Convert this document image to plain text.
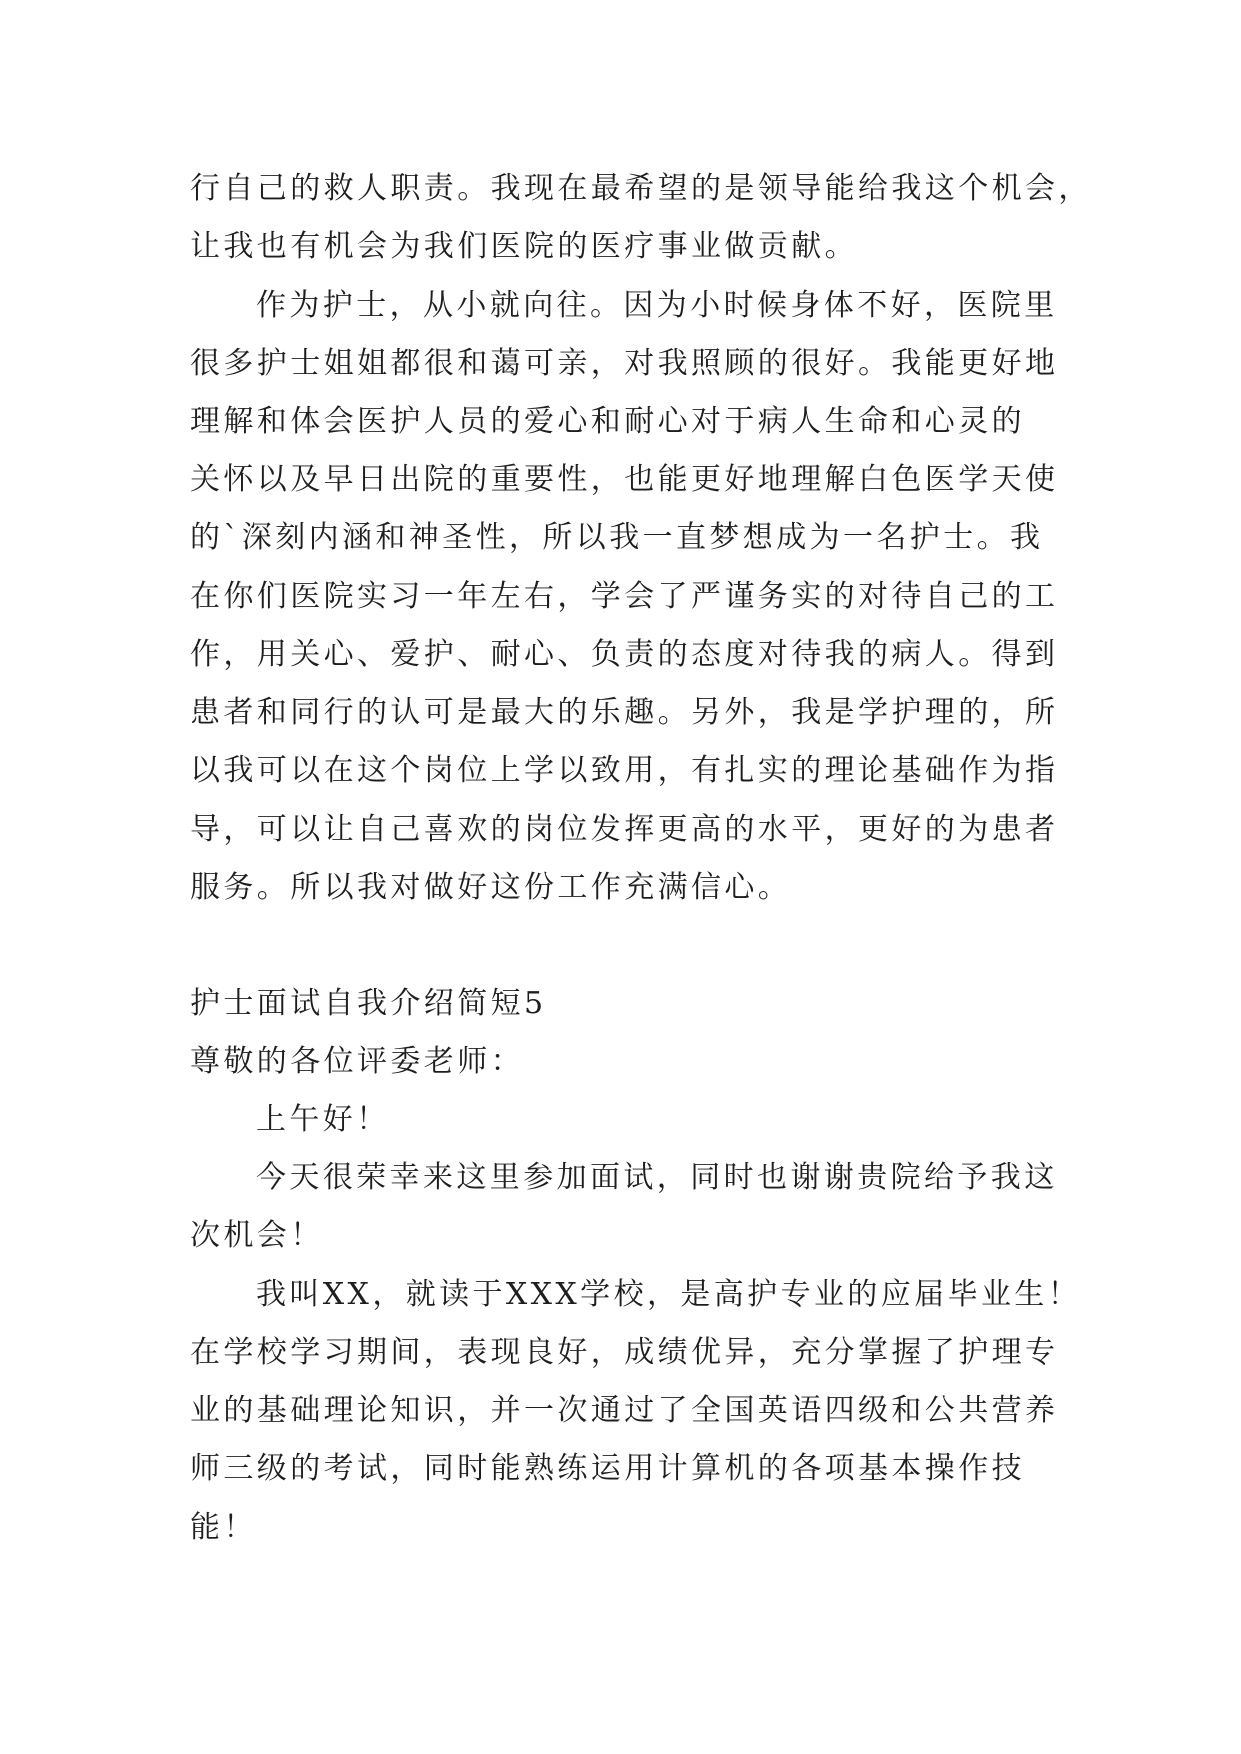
行自己的救人职责。我现在最希望的是领导能给我这个机会，

让我也有机会为我们医院的医疗事业做贡献。

作为护士，从小就向往。因为小时候身体不好，医院里

很多护士姐姐都很和蔼可亲，对我照顾的很好。我能更好地

理解和体会医护人员的爱心和耐心对于病人生命和心灵的

关怀以及早日出院的重要性，也能更好地理解白色医学天使

的`深刻内涵和神圣性，所以我一直梦想成为一名护士。我

在你们医院实习一年左右，学会了严谨务实的对待自己的工

作，用关心、爱护、耐心、负责的态度对待我的病人。得到

患者和同行的认可是最大的乐趣。另外，我是学护理的，所

以我可以在这个岗位上学以致用，有扎实的理论基础作为指

导，可以让自己喜欢的岗位发挥更高的水平，更好的为患者

服务。所以我对做好这份工作充满信心。

护士面试自我介绍简短5

尊敬的各位评委老师：

上午好！

今天很荣幸来这里参加面试，同时也谢谢贵院给予我这

次机会！

我叫XX，就读于XXX学校，是高护专业的应届毕业生！

在学校学习期间，表现良好，成绩优异，充分掌握了护理专

业的基础理论知识，并一次通过了全国英语四级和公共营养

师三级的考试，同时能熟练运用计算机的各项基本操作技

能！
